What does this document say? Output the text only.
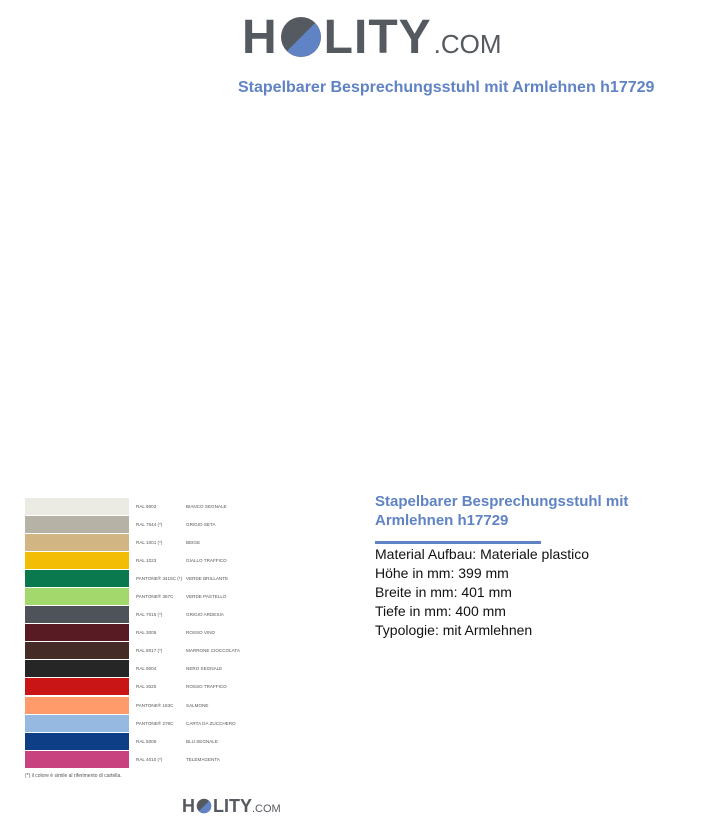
H LITY .COM
Stapelbarer Besprechungsstuhl mit Armlehnen h17729
RAL 9003	BIANCO SEGNALE
RAL 7044 (*)	GRIGIO SETA
RAL 1001 (*)	BEIGE
RAL 1023	GIALLO TRAFFICO
PANTONE® 3415C (*) VERDE BRILLANTE
PANTONE® 367C	VERDE PASTELLO
RAL 7015 (*)	GRIGIO ARDESIA
RAL 3005	ROSSO VINO
RAL 8017 (*)	MARRONE CIOCCOLATA
RAL 9004	NERO SEGNALE
RAL 3020	ROSSO TRAFFICO
PANTONE® 163C	SALMONE
PANTONE® 278C	CARTA DA ZUCCHERO
RAL 5005	BLU SEGNALE
RAL 4010 (*)	TELEMAGENTA
(*) il colore è simile al riferimento di cartella.
Stapelbarer Besprechungsstuhl mit Armlehnen h17729
Material Aufbau: Materiale plastico
Höhe in mm: 399 mm
Breite in mm: 401 mm
Tiefe in mm: 400 mm
Typologie: mit Armlehnen
H LITY .COM
